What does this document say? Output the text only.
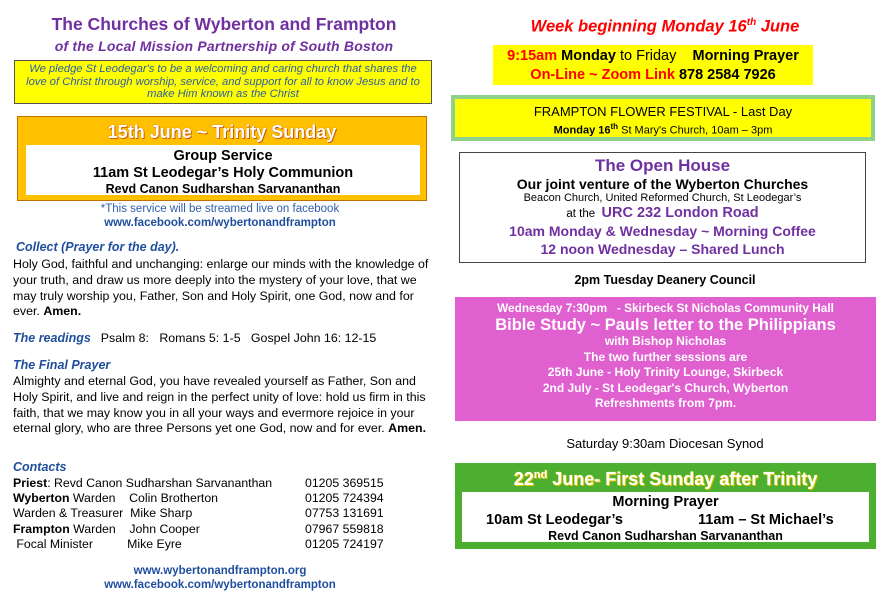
The Churches of Wyberton and Frampton
of the Local Mission Partnership of South Boston
We pledge St Leodegar's to be a welcoming and caring church that shares the love of Christ through worship, service, and support for all to know Jesus and to make Him known as the Christ
15th June ~ Trinity Sunday
Group Service
11am St Leodegar’s Holy Communion
Revd Canon Sudharshan Sarvananthan
*This service will be streamed live on facebook
www.facebook.com/wybertonandframpton
Collect (Prayer for the day).
Holy God, faithful and unchanging: enlarge our minds with the knowledge of your truth, and draw us more deeply into the mystery of your love, that we may truly worship you, Father, Son and Holy Spirit, one God, now and for ever. Amen.
The readings Psalm 8:   Romans 5: 1-5   Gospel John 16: 12-15
The Final Prayer
Almighty and eternal God, you have revealed yourself as Father, Son and Holy Spirit, and live and reign in the perfect unity of love: hold us firm in this faith, that we may know you in all your ways and evermore rejoice in your eternal glory, who are three Persons yet one God, now and for ever. Amen.
Contacts
Priest: Revd Canon Sudharshan Sarvananthan	01205 369515
Wyberton Warden    Colin Brotherton	01205 724394
Warden & Treasurer  Mike Sharp	07753 131691
Frampton Warden    John Cooper	07967 559818
Focal Minister          Mike Eyre	01205 724197
www.wybertonandframpton.org
www.facebook.com/wybertonandframpton
Week beginning Monday 16th June
9:15am Monday to Friday Morning Prayer
On-Line ~ Zoom Link 878 2584 7926
FRAMPTON FLOWER FESTIVAL - Last Day
Monday 16th St Mary's Church, 10am – 3pm
The Open House
Our joint venture of the Wyberton Churches
Beacon Church, United Reformed Church, St Leodegar’s
at the URC 232 London Road
10am Monday & Wednesday ~ Morning Coffee
12 noon Wednesday – Shared Lunch
2pm Tuesday Deanery Council
Wednesday 7:30pm   - Skirbeck St Nicholas Community Hall
Bible Study ~ Pauls letter to the Philippians
with Bishop Nicholas
The two further sessions are
25th June - Holy Trinity Lounge, Skirbeck
2nd July - St Leodegar's Church, Wyberton
Refreshments from 7pm.
Saturday 9:30am Diocesan Synod
22nd June- First Sunday after Trinity
Morning Prayer
10am St Leodegar’s	11am – St Michael’s
Revd Canon Sudharshan Sarvananthan
